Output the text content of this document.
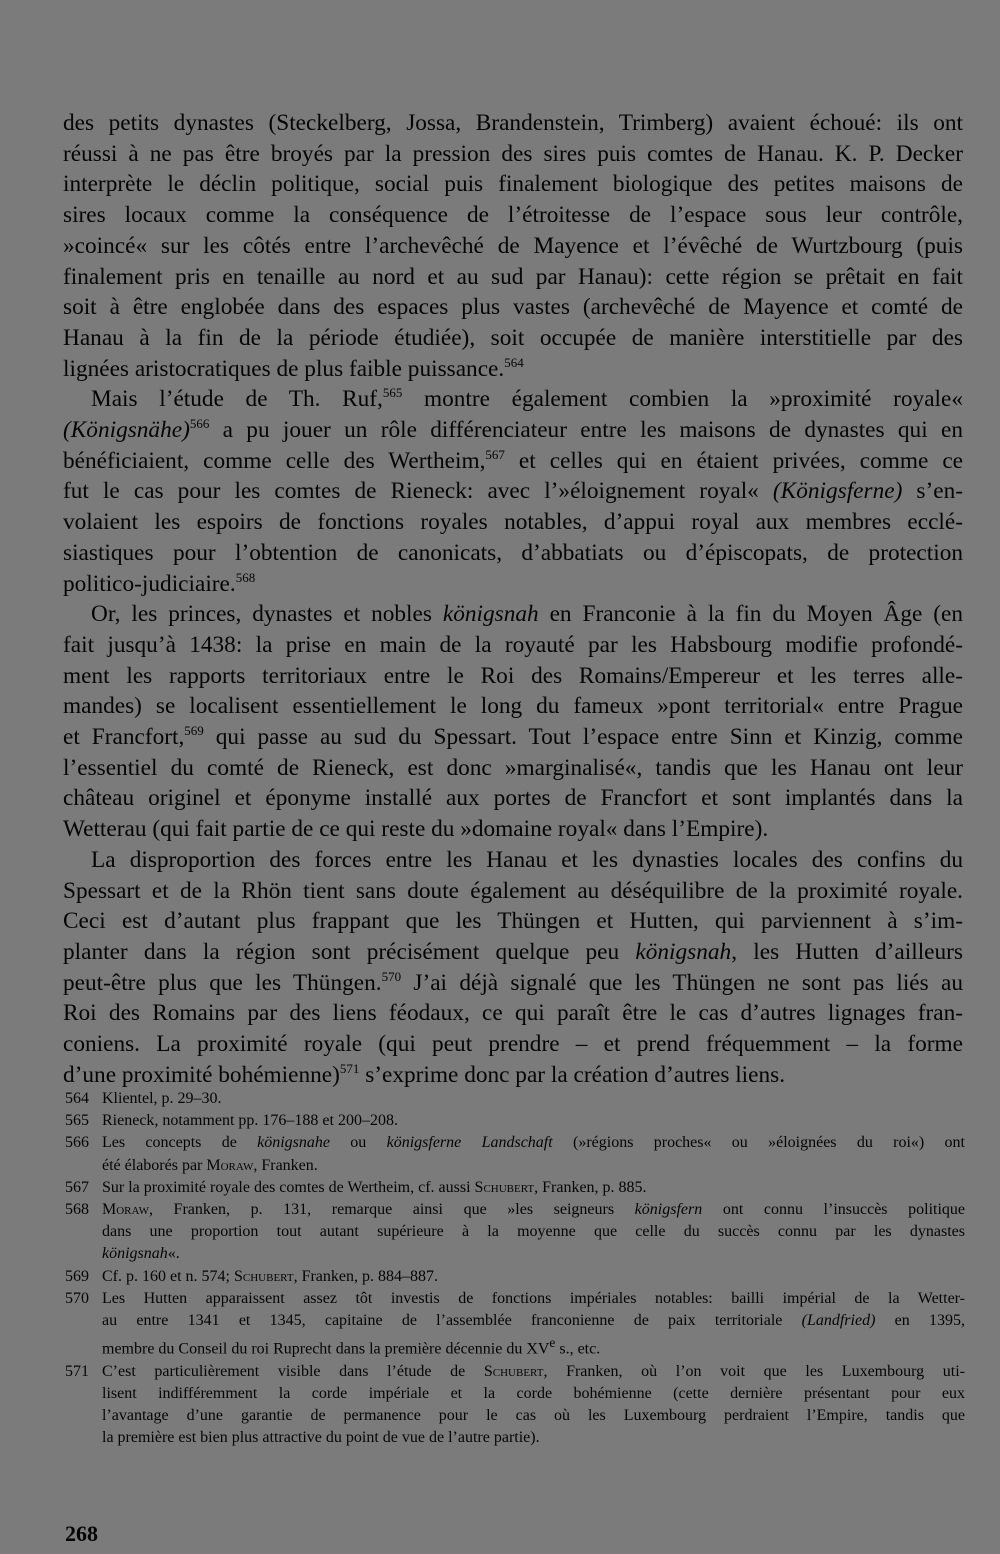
des petits dynastes (Steckelberg, Jossa, Brandenstein, Trimberg) avaient échoué: ils ont
réussi à ne pas être broyés par la pression des sires puis comtes de Hanau. K. P. Decker
interprète le déclin politique, social puis finalement biologique des petites maisons de
sires locaux comme la conséquence de l’étroitesse de l’espace sous leur contrôle,
»coincé« sur les côtés entre l’archevêché de Mayence et l’évêché de Wurtzbourg (puis
finalement pris en tenaille au nord et au sud par Hanau): cette région se prêtait en fait
soit à être englobée dans des espaces plus vastes (archevêché de Mayence et comté de
Hanau à la fin de la période étudiée), soit occupée de manière interstitielle par des
lignées aristocratiques de plus faible puissance.$^{564}$
Mais l’étude de Th. Ruf,$^{565}$ montre également combien la »proximité royale«
(Königsnähe)$^{566}$ a pu jouer un rôle différenciateur entre les maisons de dynastes qui en
bénéficiaient, comme celle des Wertheim,$^{567}$ et celles qui en étaient privées, comme ce
fut le cas pour les comtes de Rieneck: avec l’»éloignement royal« (Königsferne) s’en-
volaient les espoirs de fonctions royales notables, d’appui royal aux membres ecclé-
siastiques pour l’obtention de canonicats, d’abbatiats ou d’épiscopats, de protection
politico-judiciaire.$^{568}$
Or, les princes, dynastes et nobles königsnah en Franconie à la fin du Moyen Âge (en
fait jusqu’à 1438: la prise en main de la royauté par les Habsbourg modifie profondé-
ment les rapports territoriaux entre le Roi des Romains/Empereur et les terres alle-
mandes) se localisent essentiellement le long du fameux »pont territorial« entre Prague
et Francfort,$^{569}$ qui passe au sud du Spessart. Tout l’espace entre Sinn et Kinzig, comme
l’essentiel du comté de Rieneck, est donc »marginalisé«, tandis que les Hanau ont leur
château originel et éponyme installé aux portes de Francfort et sont implantés dans la
Wetterau (qui fait partie de ce qui reste du »domaine royal« dans l’Empire).
La disproportion des forces entre les Hanau et les dynasties locales des confins du
Spessart et de la Rhön tient sans doute également au déséquilibre de la proximité royale.
Ceci est d’autant plus frappant que les Thüngen et Hutten, qui parviennent à s’im-
planter dans la région sont précisément quelque peu königsnah, les Hutten d’ailleurs
peut-être plus que les Thüngen.$^{570}$ J’ai déjà signalé que les Thüngen ne sont pas liés au
Roi des Romains par des liens féodaux, ce qui paraît être le cas d’autres lignages fran-
coniens. La proximité royale (qui peut prendre – et prend fréquemment – la forme
d’une proximité bohémienne)$^{571}$ s’exprime donc par la création d’autres liens.
564 Klientel, p. 29–30.
565 Rieneck, notamment pp. 176–188 et 200–208.
566 Les concepts de königsnahe ou königsferne Landschaft (»régions proches« ou »éloignées du roi«) ont
été élaborés par Moraw, Franken.
567 Sur la proximité royale des comtes de Wertheim, cf. aussi Schubert, Franken, p. 885.
568 Moraw, Franken, p. 131, remarque ainsi que »les seigneurs königsfern ont connu l’insuccès politique
dans une proportion tout autant supérieure à la moyenne que celle du succès connu par les dynastes
königsnah«.
569 Cf. p. 160 et n. 574; Schubert, Franken, p. 884–887.
570 Les Hutten apparaissent assez tôt investis de fonctions impériales notables: bailli impérial de la Wetter-
au entre 1341 et 1345, capitaine de l’assemblée franconienne de paix territoriale (Landfried) en 1395,
membre du Conseil du roi Ruprecht dans la première décennie du XVe s., etc.
571 C’est particulièrement visible dans l’étude de Schubert, Franken, où l’on voit que les Luxembourg uti-
lisent indifféremment la corde impériale et la corde bohémienne (cette dernière présentant pour eux
l’avantage d’une garantie de permanence pour le cas où les Luxembourg perdraient l’Empire, tandis que
la première est bien plus attractive du point de vue de l’autre partie).
268
